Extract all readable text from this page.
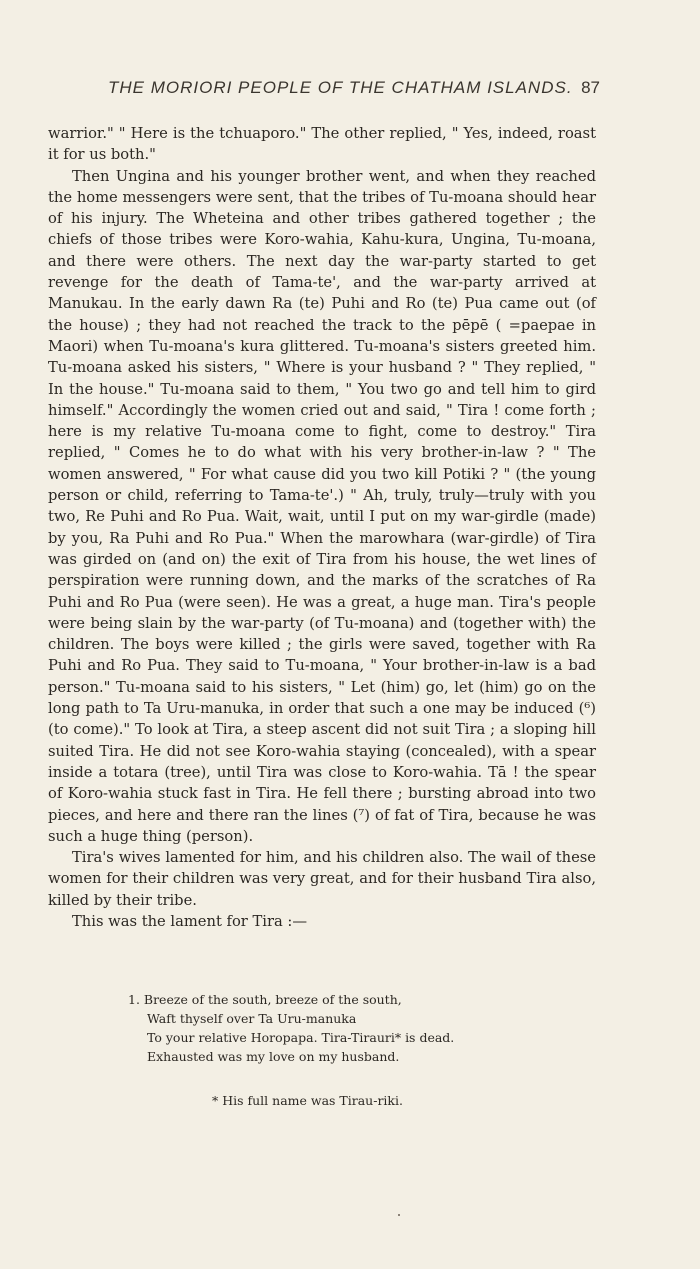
THE MORIORI PEOPLE OF THE CHATHAM ISLANDS. 87

warrior." " Here is the tchuaporo." The other replied, " Yes, indeed, roast it for us both."

Then Ungina and his younger brother went, and when they reached the home messengers were sent, that the tribes of Tu-moana should hear of his injury. The Wheteina and other tribes gathered together ; the chiefs of those tribes were Koro-wahia, Kahu-kura, Ungina, Tu-moana, and there were others. The next day the war-party started to get revenge for the death of Tama-te', and the war-party arrived at Manukau. In the early dawn Ra (te) Puhi and Ro (te) Pua came out (of the house) ; they had not reached the track to the pēpē ( =paepae in Maori) when Tu-moana's kura glittered. Tu-moana's sisters greeted him. Tu-moana asked his sisters, " Where is your husband ? " They replied, " In the house." Tu-moana said to them, " You two go and tell him to gird himself." Accordingly the women cried out and said, " Tira ! come forth ; here is my relative Tu-moana come to fight, come to destroy." Tira replied, " Comes he to do what with his very brother-in-law ? " The women answered, " For what cause did you two kill Potiki ? " (the young person or child, referring to Tama-te'.) " Ah, truly, truly—truly with you two, Re Puhi and Ro Pua. Wait, wait, until I put on my war-girdle (made) by you, Ra Puhi and Ro Pua." When the marowhara (war-girdle) of Tira was girded on (and on) the exit of Tira from his house, the wet lines of perspiration were running down, and the marks of the scratches of Ra Puhi and Ro Pua (were seen). He was a great, a huge man. Tira's people were being slain by the war-party (of Tu-moana) and (together with) the children. The boys were killed ; the girls were saved, together with Ra Puhi and Ro Pua. They said to Tu-moana, " Your brother-in-law is a bad person." Tu-moana said to his sisters, " Let (him) go, let (him) go on the long path to Ta Uru-manuka, in order that such a one may be induced (⁶) (to come)." To look at Tira, a steep ascent did not suit Tira ; a sloping hill suited Tira. He did not see Koro-wahia staying (concealed), with a spear inside a totara (tree), until Tira was close to Koro-wahia. Tā ! the spear of Koro-wahia stuck fast in Tira. He fell there ; bursting abroad into two pieces, and here and there ran the lines (⁷) of fat of Tira, because he was such a huge thing (person).

Tira's wives lamented for him, and his children also. The wail of these women for their children was very great, and for their husband Tira also, killed by their tribe.

This was the lament for Tira :—

1. Breeze of the south, breeze of the south,
Waft thyself over Ta Uru-manuka
To your relative Horopapa. Tira-Tirauri* is dead.
Exhausted was my love on my husband.
* His full name was Tirau-riki.
